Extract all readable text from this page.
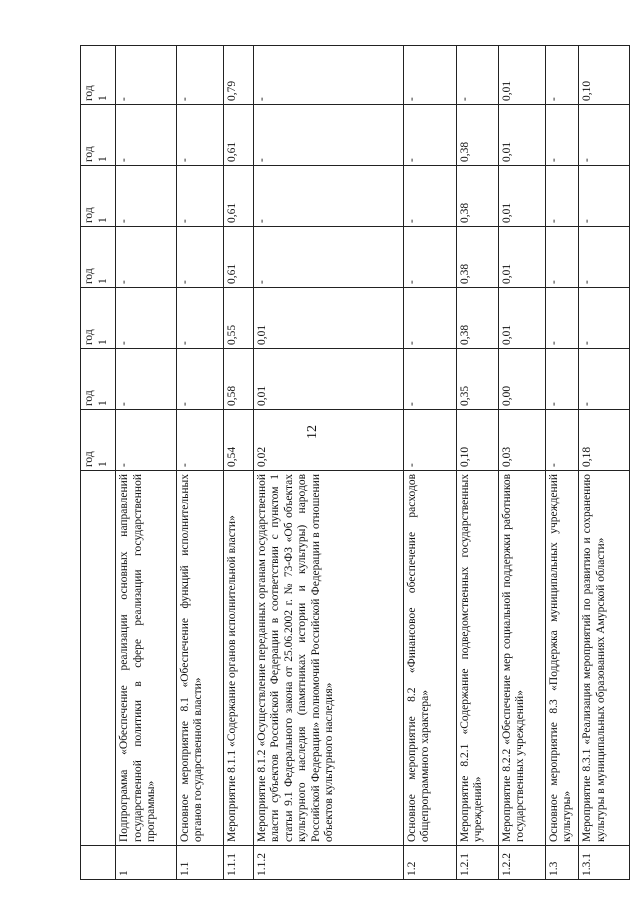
12
		год 1	год 1	год 1	год 1	год 1	год 1	год 1
1	Подпрограмма «Обеспечение реализации основных направлений государственной политики в сфере реализации государственной программы»	-	-	-	-	-	-	-
1.1	Основное мероприятие 8.1 «Обеспечение функций исполнительных органов государственной власти»	-	-	-	-	-	-	-
1.1.1	Мероприятие 8.1.1 «Содержание органов исполнительной власти»	0,54	0,58	0,55	0,61	0,61	0,61	0,79
1.1.2	Мероприятие 8.1.2 «Осуществление переданных органам государственной власти субъектов Российской Федерации в соответствии с пунктом 1 статьи 9.1 Федерального закона от 25.06.2002 г. № 73-ФЗ «Об объектах культурного наследия (памятниках истории и культуры) народов Российской Федерации» полномочий Российской Федерации в отношении объектов культурного наследия»	0,02	0,01	0,01	-	-	-	-
1.2	Основное мероприятие 8.2 «Финансовое обеспечение расходов общепрограммного характера»	-	-	-	-	-	-	-
1.2.1	Мероприятие 8.2.1 «Содержание подведомственных государственных учреждений»	0,10	0,35	0,38	0,38	0,38	0,38	-
1.2.2	Мероприятие 8.2.2 «Обеспечение мер социальной поддержки работников государственных учреждений»	0,03	0,00	0,01	0,01	0,01	0,01	0,01
1.3	Основное мероприятие 8.3 «Поддержка муниципальных учреждений культуры»	-	-	-	-	-	-	-
1.3.1	Мероприятие 8.3.1 «Реализация мероприятий по развитию и сохранению культуры в муниципальных образованиях Амурской области»	0,18	-	-	-	-	-	0,10
